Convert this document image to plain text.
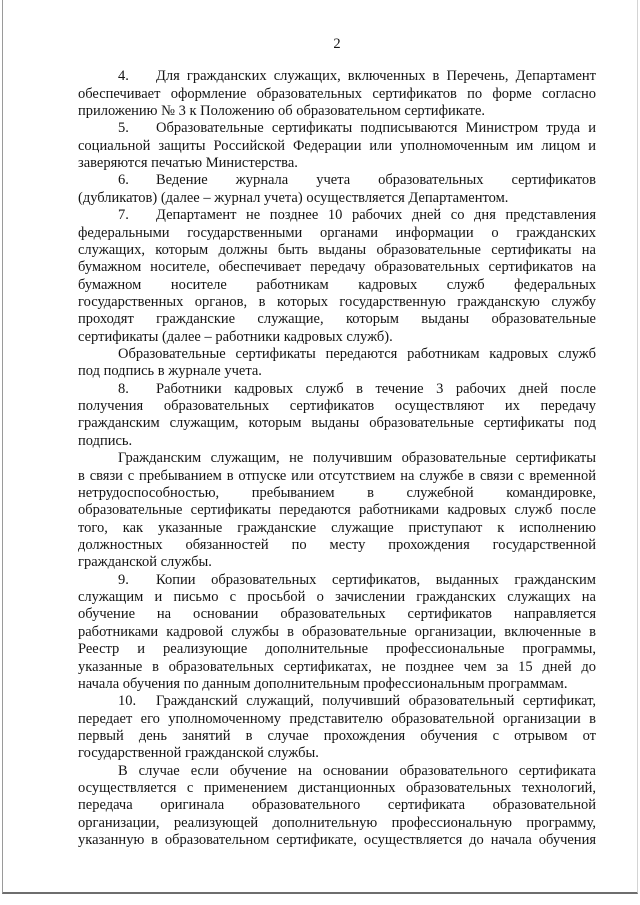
2
4.	Для гражданских служащих, включенных в Перечень, Департамент
обеспечивает оформление образовательных сертификатов по форме согласно
приложению № 3 к Положению об образовательном сертификате.
5.	Образовательные сертификаты подписываются Министром труда и
социальной защиты Российской Федерации или уполномоченным им лицом и
заверяются печатью Министерства.
6.	Ведение журнала учета образовательных сертификатов
(дубликатов) (далее – журнал учета) осуществляется Департаментом.
7.	Департамент не позднее 10 рабочих дней со дня представления
федеральными государственными органами информации о гражданских
служащих, которым должны быть выданы образовательные сертификаты на
бумажном носителе, обеспечивает передачу образовательных сертификатов на
бумажном носителе работникам кадровых служб федеральных
государственных органов, в которых государственную гражданскую службу
проходят гражданские служащие, которым выданы образовательные
сертификаты (далее – работники кадровых служб).
Образовательные сертификаты передаются работникам кадровых служб
под подпись в журнале учета.
8.	Работники кадровых служб в течение 3 рабочих дней после
получения образовательных сертификатов осуществляют их передачу
гражданским служащим, которым выданы образовательные сертификаты под
подпись.
Гражданским служащим, не получившим образовательные сертификаты
в связи с пребыванием в отпуске или отсутствием на службе в связи с временной
нетрудоспособностью, пребыванием в служебной командировке,
образовательные сертификаты передаются работниками кадровых служб после
того, как указанные гражданские служащие приступают к исполнению
должностных обязанностей по месту прохождения государственной
гражданской службы.
9.	Копии образовательных сертификатов, выданных гражданским
служащим и письмо с просьбой о зачислении гражданских служащих на
обучение на основании образовательных сертификатов направляется
работниками кадровой службы в образовательные организации, включенные в
Реестр и реализующие дополнительные профессиональные программы,
указанные в образовательных сертификатах, не позднее чем за 15 дней до
начала обучения по данным дополнительным профессиональным программам.
10.	Гражданский служащий, получивший образовательный сертификат,
передает его уполномоченному представителю образовательной организации в
первый день занятий в случае прохождения обучения с отрывом от
государственной гражданской службы.
В случае если обучение на основании образовательного сертификата
осуществляется с применением дистанционных образовательных технологий,
передача оригинала образовательного сертификата образовательной
организации, реализующей дополнительную профессиональную программу,
указанную в образовательном сертификате, осуществляется до начала обучения
